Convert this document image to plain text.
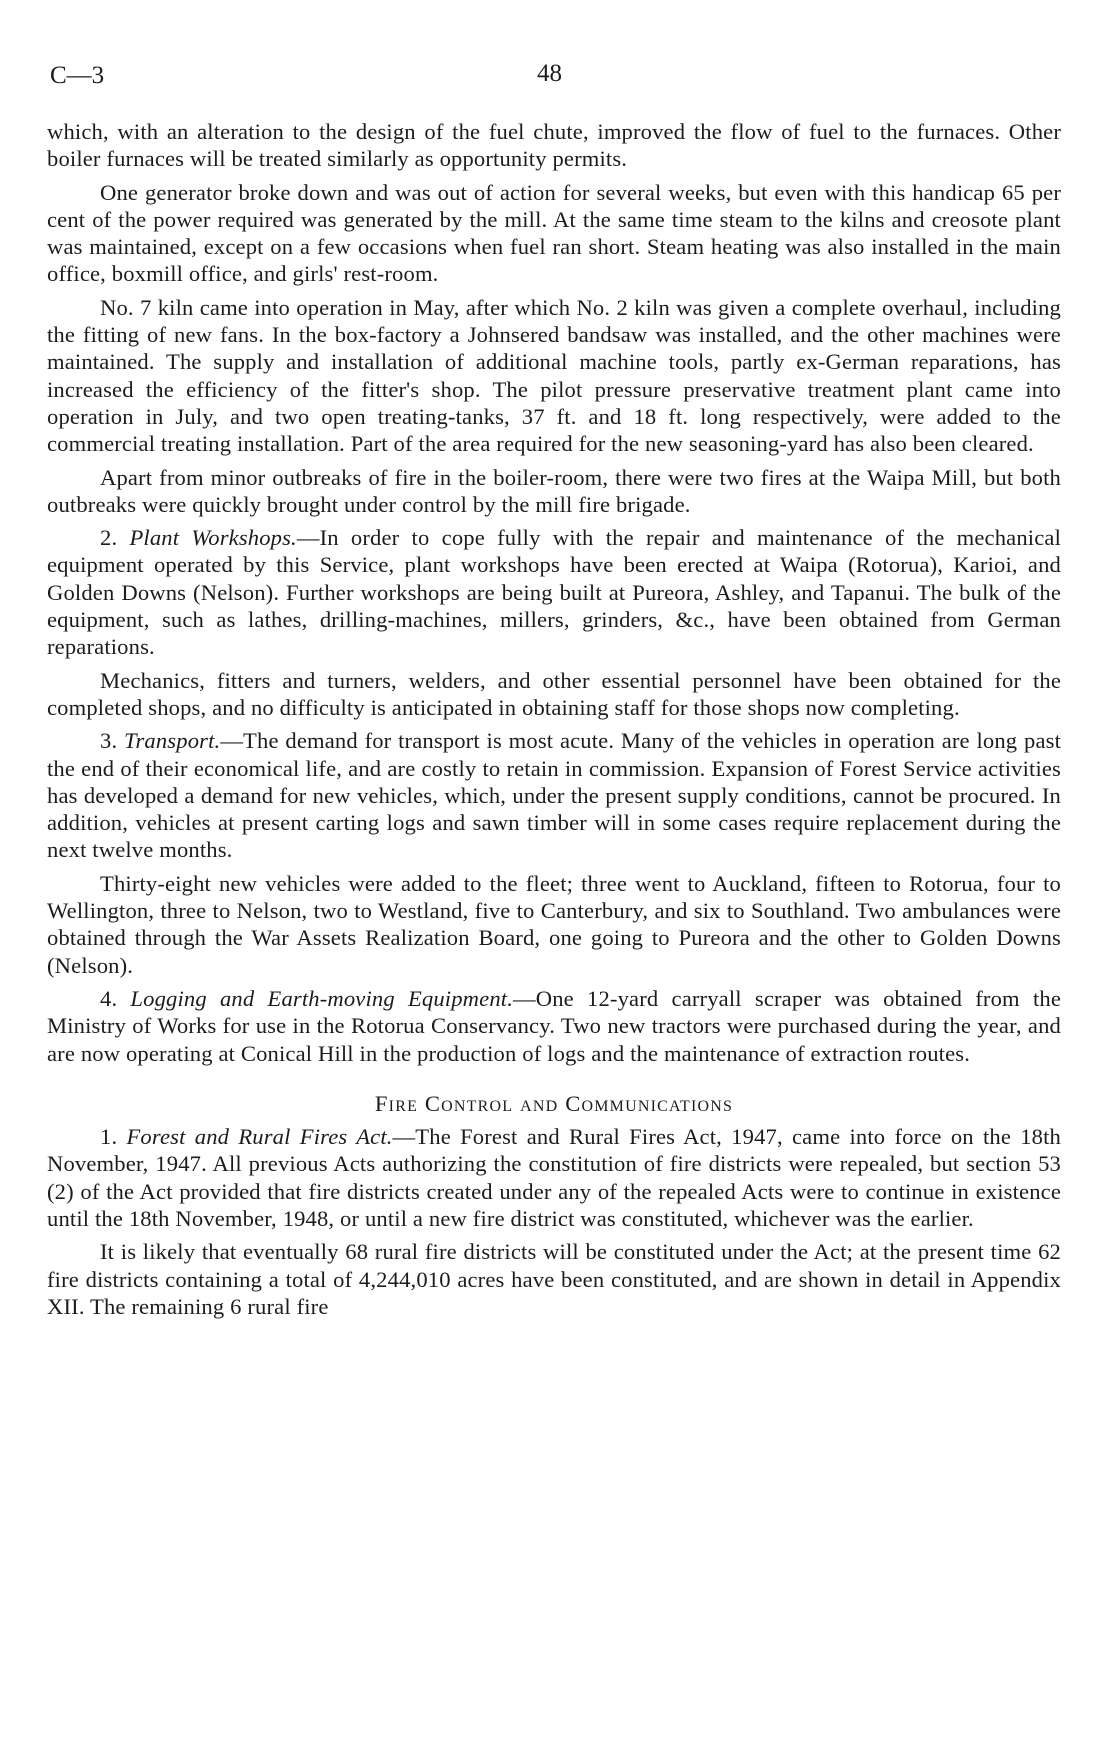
C—3	48

which, with an alteration to the design of the fuel chute, improved the flow of fuel to the furnaces. Other boiler furnaces will be treated similarly as opportunity permits.

One generator broke down and was out of action for several weeks, but even with this handicap 65 per cent of the power required was generated by the mill. At the same time steam to the kilns and creosote plant was maintained, except on a few occasions when fuel ran short. Steam heating was also installed in the main office, boxmill office, and girls' rest-room.

No. 7 kiln came into operation in May, after which No. 2 kiln was given a complete overhaul, including the fitting of new fans. In the box-factory a Johnsered bandsaw was installed, and the other machines were maintained. The supply and installation of additional machine tools, partly ex-German reparations, has increased the efficiency of the fitter's shop. The pilot pressure preservative treatment plant came into operation in July, and two open treating-tanks, 37 ft. and 18 ft. long respectively, were added to the commercial treating installation. Part of the area required for the new seasoning-yard has also been cleared.

Apart from minor outbreaks of fire in the boiler-room, there were two fires at the Waipa Mill, but both outbreaks were quickly brought under control by the mill fire brigade.

2. Plant Workshops.—In order to cope fully with the repair and maintenance of the mechanical equipment operated by this Service, plant workshops have been erected at Waipa (Rotorua), Karioi, and Golden Downs (Nelson). Further workshops are being built at Pureora, Ashley, and Tapanui. The bulk of the equipment, such as lathes, drilling-machines, millers, grinders, &c., have been obtained from German reparations.

Mechanics, fitters and turners, welders, and other essential personnel have been obtained for the completed shops, and no difficulty is anticipated in obtaining staff for those shops now completing.

3. Transport.—The demand for transport is most acute. Many of the vehicles in operation are long past the end of their economical life, and are costly to retain in commission. Expansion of Forest Service activities has developed a demand for new vehicles, which, under the present supply conditions, cannot be procured. In addition, vehicles at present carting logs and sawn timber will in some cases require replacement during the next twelve months.

Thirty-eight new vehicles were added to the fleet; three went to Auckland, fifteen to Rotorua, four to Wellington, three to Nelson, two to Westland, five to Canterbury, and six to Southland. Two ambulances were obtained through the War Assets Realization Board, one going to Pureora and the other to Golden Downs (Nelson).

4. Logging and Earth-moving Equipment.—One 12-yard carryall scraper was obtained from the Ministry of Works for use in the Rotorua Conservancy. Two new tractors were purchased during the year, and are now operating at Conical Hill in the production of logs and the maintenance of extraction routes.

Fire Control and Communications

1. Forest and Rural Fires Act.—The Forest and Rural Fires Act, 1947, came into force on the 18th November, 1947. All previous Acts authorizing the constitution of fire districts were repealed, but section 53 (2) of the Act provided that fire districts created under any of the repealed Acts were to continue in existence until the 18th November, 1948, or until a new fire district was constituted, whichever was the earlier.

It is likely that eventually 68 rural fire districts will be constituted under the Act; at the present time 62 fire districts containing a total of 4,244,010 acres have been constituted, and are shown in detail in Appendix XII. The remaining 6 rural fire
